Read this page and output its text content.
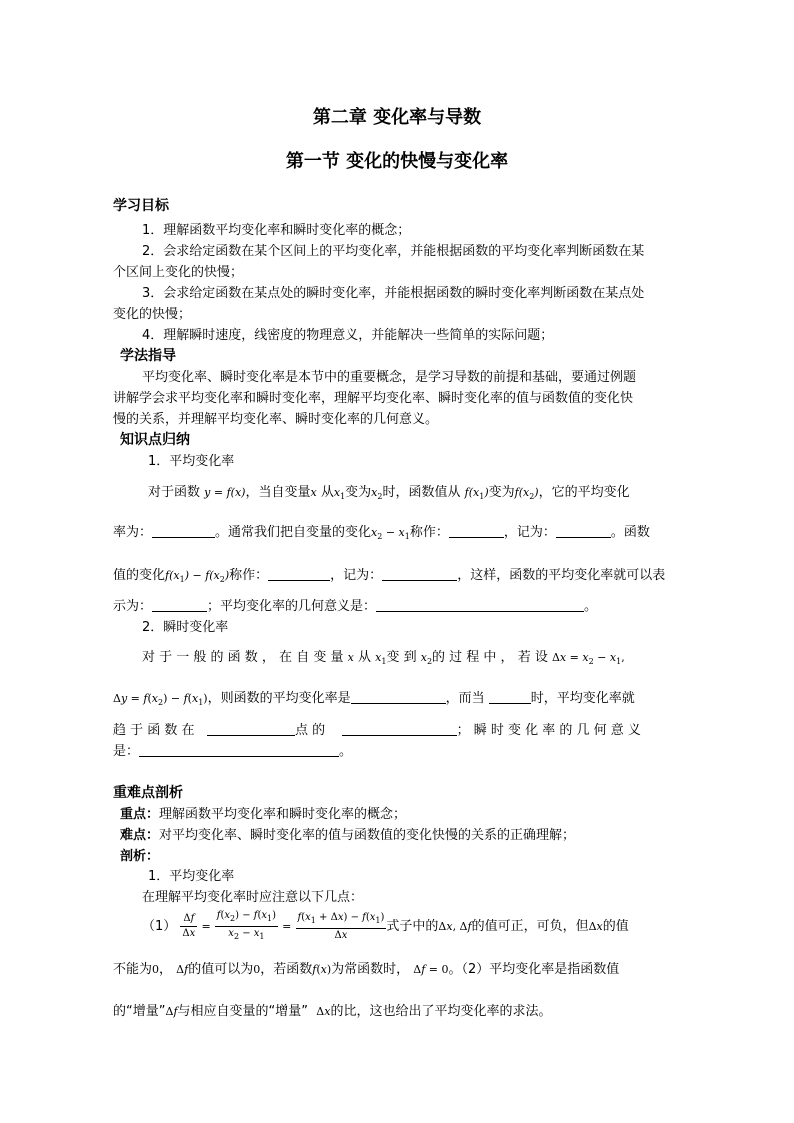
第二章 变化率与导数
第一节 变化的快慢与变化率
学习目标
1．理解函数平均变化率和瞬时变化率的概念；
2．会求给定函数在某个区间上的平均变化率，并能根据函数的平均变化率判断函数在某
个区间上变化的快慢；
3．会求给定函数在某点处的瞬时变化率，并能根据函数的瞬时变化率判断函数在某点处
变化的快慢；
4．理解瞬时速度，线密度的物理意义，并能解决一些简单的实际问题；
学法指导
平均变化率、瞬时变化率是本节中的重要概念，是学习导数的前提和基础，要通过例题
讲解学会求平均变化率和瞬时变化率，理解平均变化率、瞬时变化率的值与函数值的变化快
慢的关系，并理解平均变化率、瞬时变化率的几何意义。
知识点归纳
1．平均变化率
对于函数 y = f(x)，当自变量x 从$x_1$变为$x_2$时，函数值从 $f(x_1)$变为$f(x_2)$，它的平均变化
率为：	。通常我们把自变量的变化$x_2 - x_1$称作：	，记为：	。函数
值的变化$f(x_1) - f(x_2)$称作：	，记为：	，这样，函数的平均变化率就可以表
示为：	；平均变化率的几何意义是：	。
2．瞬时变化率
对 于 一 般 的 函 数 ， 在 自 变 量 x 从 $x_1$变 到 $x_2$的 过 程 中 ， 若 设 $\Delta x = x_2 - x_1$,
$\Delta y = f(x_2) - f(x_1)$，则函数的平均变化率是	，而当	时，平均变化率就
趋 于 函 数 在	点 的	； 瞬 时 变 化 率 的 几 何 意 义
是：	。
重难点剖析
重点：理解函数平均变化率和瞬时变化率的概念；
难点：对平均变化率、瞬时变化率的值与函数值的变化快慢的关系的正确理解；
剖析：
1．平均变化率
在理解平均变化率时应注意以下几点：
$(1) \frac{\Delta f}{\Delta x} = \frac{f(x_2) - f(x_1)}{x_2 - x_1} = \frac{f(x_1 + \Delta x) - f(x_1)}{\Delta x}$ 式子中的Δx, Δf的值可正，可负，但Δx的值
不能为0， Δf的值可以为0，若函数f(x)为常函数时， Δf = 0。（2）平均变化率是指函数值
的“增量”Δf与相应自变量的“增量” Δx的比，这也给出了平均变化率的求法。
